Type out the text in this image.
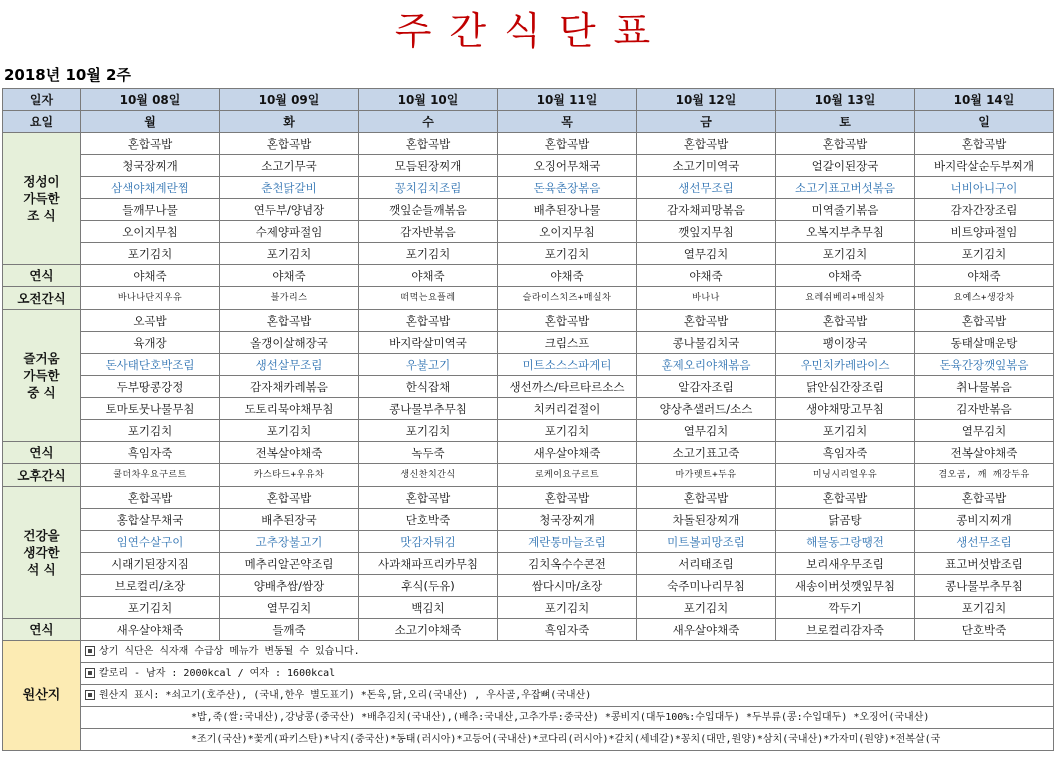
주간식단표
2018년 10월 2주
일자	10월 08일	10월 09일	10월 10일	10월 11일	10월 12일	10월 13일	10월 14일
요일	월	화	수	목	금	토	일
정성이
가득한
조 식	혼합곡밥	혼합곡밥	혼합곡밥	혼합곡밥	혼합곡밥	혼합곡밥	혼합곡밥
	청국장찌개	소고기무국	모듬된장찌개	오징어무채국	소고기미역국	얼갈이된장국	바지락살순두부찌개
	삼색야채계란찜	춘천닭갈비	꽁치김치조림	돈육춘장볶음	생선무조림	소고기표고버섯볶음	너비아니구이
	들깨무나물	연두부/양념장	깻잎순들깨볶음	배추된장나물	감자채피망볶음	미역줄기볶음	감자간장조림
	오이지무침	수제양파절임	감자반볶음	오이지무침	깻잎지무침	오복지부추무침	비트양파절임
	포기김치	포기김치	포기김치	포기김치	열무김치	포기김치	포기김치
연식	야채죽	야채죽	야채죽	야채죽	야채죽	야채죽	야채죽
오전간식	바나나단지우유	블가리스	떠먹는요플레	슬라이스치즈+매실차	바나나	요레쉬베리+매실차	요예스+생강차
즐거움
가득한
중 식	오곡밥	혼합곡밥	혼합곡밥	혼합곡밥	혼합곡밥	혼합곡밥	혼합곡밥
	육개장	올갱이살해장국	바지락살미역국	크림스프	콩나물김치국	팽이장국	동태살매운탕
	돈사태단호박조림	생선살무조림	우불고기	미트소스스파게티	훈제오리야채볶음	우민치카레라이스	돈육간장깻잎볶음
	두부땅콩강정	감자채카레볶음	한식잡채	생선까스/타르타르소스	알감자조림	닭안심간장조림	취나물볶음
	토마토뭇나물무침	도토리묵야채무침	콩나물부추무침	치커리겉절이	양상추샐러드/소스	생야채망고무침	김자반볶음
	포기김치	포기김치	포기김치	포기김치	열무김치	포기김치	열무김치
연식	흑임자죽	전복살야채죽	녹두죽	새우살야채죽	소고기표고죽	흑임자죽	전복살야채죽
오후간식	쿨더차우요구르트	카스타드+우유차	생신찬치간식	로케이요구르트	마가렛트+두유	미닝시리얼우유	겸오곰, 깨 깨강두유
건강을
생각한
석 식	혼합곡밥	혼합곡밥	혼합곡밥	혼합곡밥	혼합곡밥	혼합곡밥	혼합곡밥
	홍합살무채국	배추된장국	단호박죽	청국장찌개	차돌된장찌개	닭곰탕	콩비지찌개
	임연수살구이	고추장불고기	맛감자튀김	계란통마늘조림	미트볼피망조림	해물동그랑땡전	생선무조림
	시래기된장지짐	메추리알곤약조림	사과채파프리카무침	김치옥수수콘전	서리태조림	보리새우무조림	표고버섯밥조림
	브로컬리/초장	양배추쌈/쌈장	후식(두유)	쌈다시마/초장	숙주미나리무침	새송이버섯깻잎무침	콩나물부추무침
	포기김치	열무김치	백김치	포기김치	포기김치	깍두기	포기김치
연식	새우살야채죽	들깨죽	소고기야채죽	흑임자죽	새우살야채죽	브로컬리감자죽	단호박죽
원산지	상기 식단은 식자재 수급상 메뉴가 변동될 수 있습니다.						
	칼로리 - 남자 : 2000kcal / 여자 : 1600kcal						
	원산지 표시: *쇠고기(호주산), (국내,한우 별도표기) *돈육,닭,오리(국내산) , 우사골,우잡뼈(국내산)						
	*밥,죽(쌀:국내산),강낭콩(중국산) *배추김치(국내산),(배추:국내산,고추가루:중국산) *콩비지(대두100%:수입대두) *두부류(콩:수입대두) *오징어(국내산)						
	*조기(국산)*꽃게(파키스탄)*낙지(중국산)*동태(러시아)*고등어(국내산)*코다리(러시아)*갈치(세네갈)*꽁치(대만,원양)*삼치(국내산)*가자미(원양)*전복살(국						
